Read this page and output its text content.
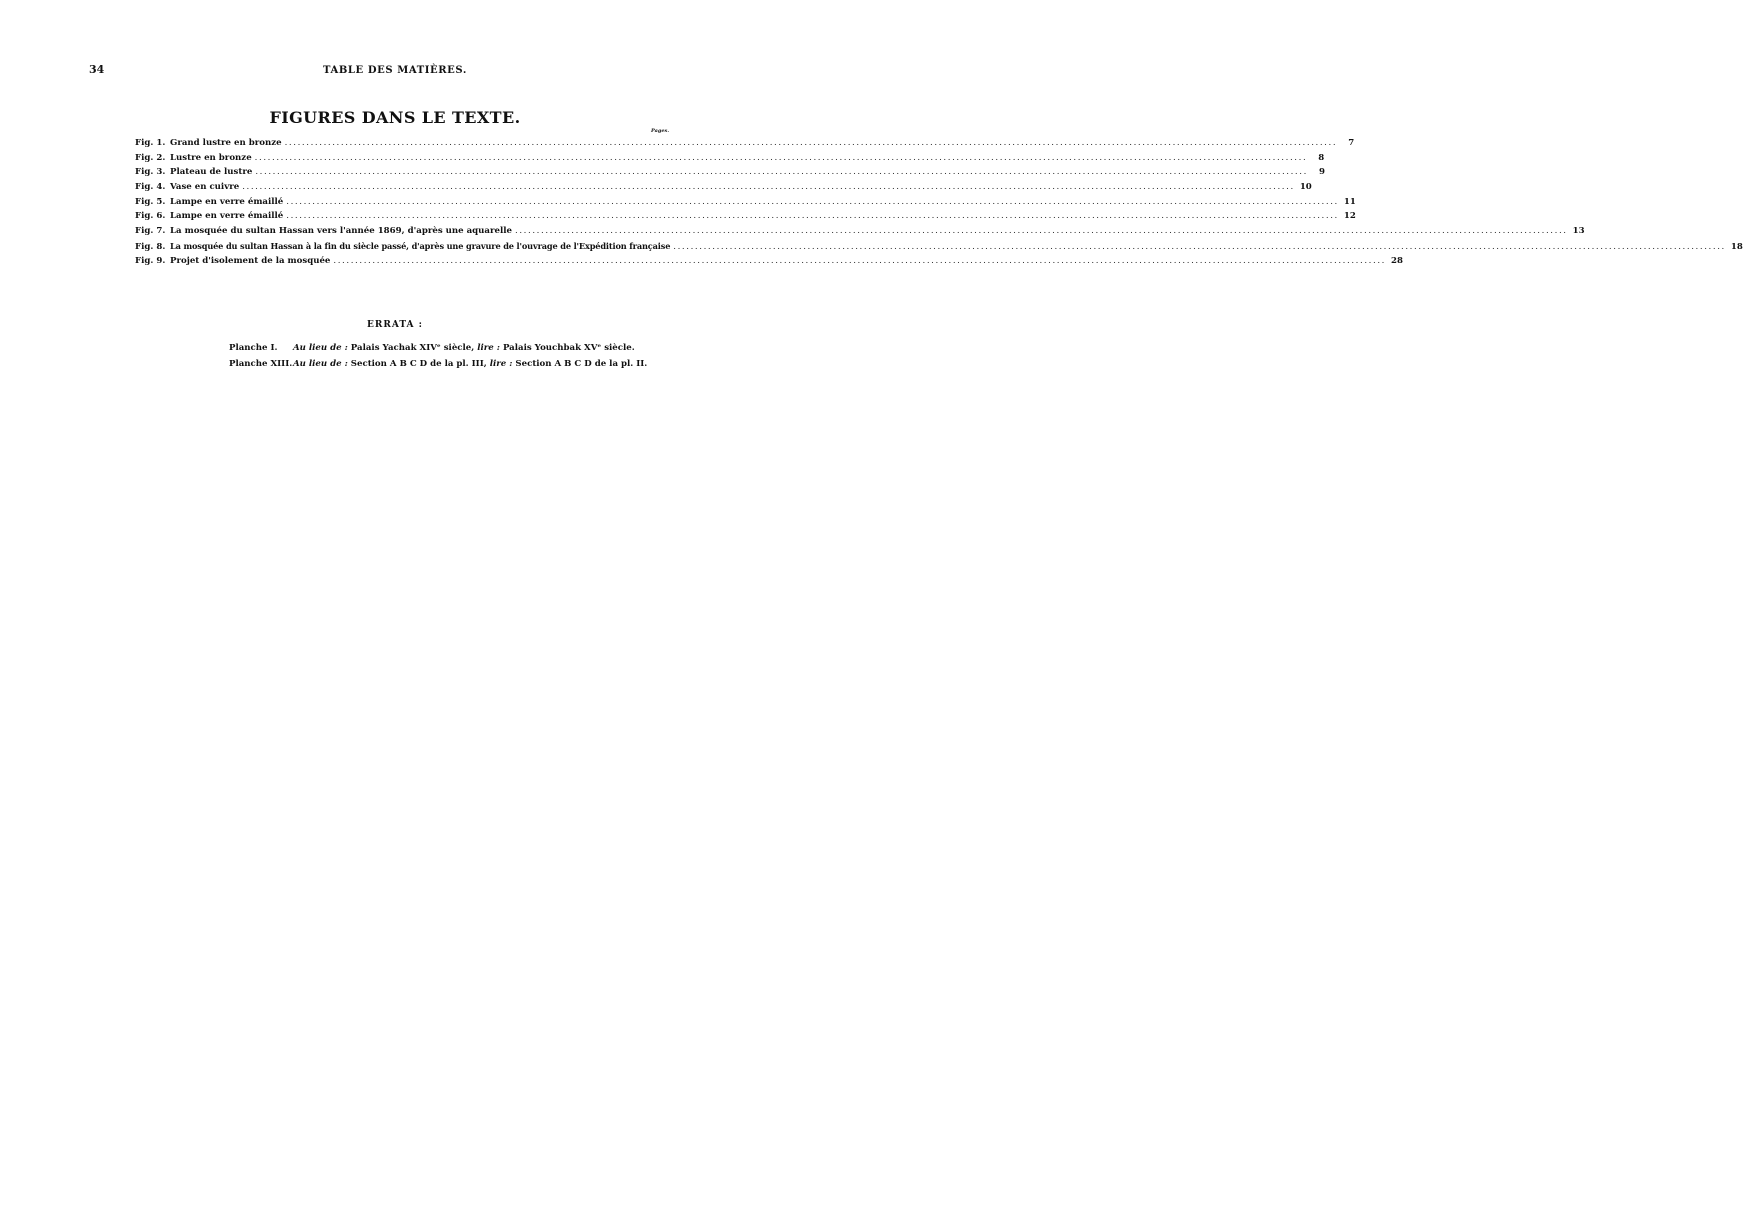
34	TABLE DES MATIÈRES.
FIGURES DANS LE TEXTE.
Pages.
Fig. 1. Grand lustre en bronze .....	7
Fig. 2. Lustre en bronze .....	8
Fig. 3. Plateau de lustre .....	9
Fig. 4. Vase en cuivre .....	10
Fig. 5. Lampe en verre émaillé .....	11
Fig. 6. Lampe en verre émaillé .....	12
Fig. 7. La mosquée du sultan Hassan vers l'année 1869, d'après une aquarelle .....	13
Fig. 8. La mosquée du sultan Hassan à la fin du siècle passé, d'après une gravure de l'ouvrage de l'Expédition française .....	18
Fig. 9. Projet d'isolement de la mosquée .....	28
ERRATA :
Planche I.	Au lieu de : Palais Yachak XIVᵉ siècle, lire : Palais Youchbak XVᵉ siècle.
Planche XIII. Au lieu de : Section A B C D de la pl. III, lire : Section A B C D de la pl. II.
